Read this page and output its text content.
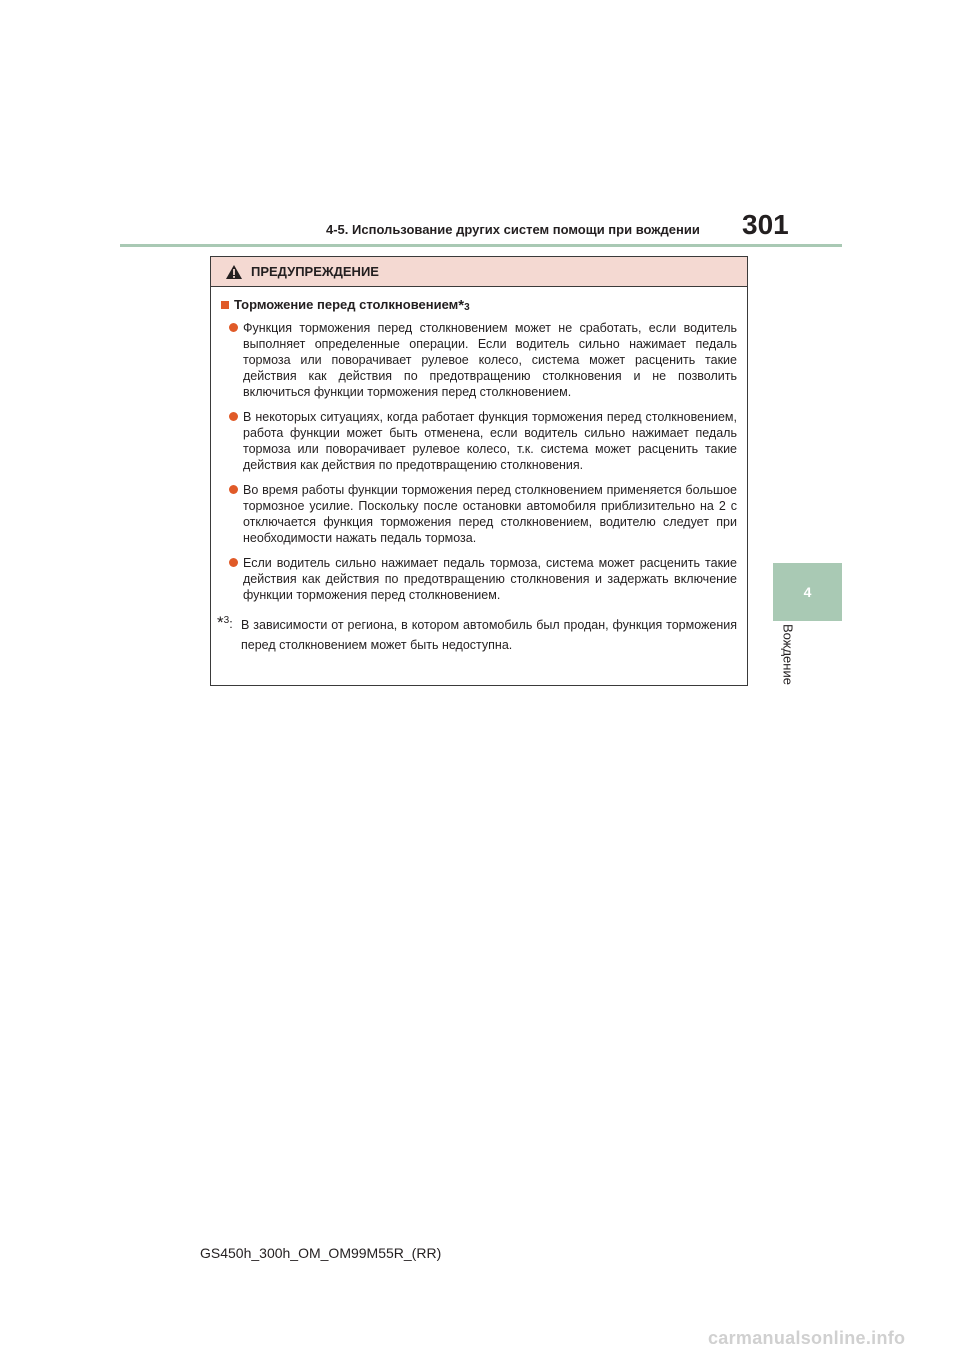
4-5. Использование других систем помощи при вождении 301
4
Вождение
ПРЕДУПРЕЖДЕНИЕ
Торможение перед столкновением *3
Функция торможения перед столкновением может не сработать, если водитель выполняет определенные операции. Если водитель сильно нажимает педаль тормоза или поворачивает рулевое колесо, система может расценить такие действия как действия по предотвращению столкновения и не позволить включиться функции торможения перед столкновением.
В некоторых ситуациях, когда работает функция торможения перед столкновением, работа функции может быть отменена, если водитель сильно нажимает педаль тормоза или поворачивает рулевое колесо, т.к. система может расценить такие действия как действия по предотвращению столкновения.
Во время работы функции торможения перед столкновением применяется большое тормозное усилие. Поскольку после остановки автомобиля приблизительно на 2 с отключается функция торможения перед столкновением, водителю следует при необходимости нажать педаль тормоза.
Если водитель сильно нажимает педаль тормоза, система может расценить такие действия как действия по предотвращению столкновения и задержать включение функции торможения перед столкновением.
*$^3$: В зависимости от региона, в котором автомобиль был продан, функция торможения перед столкновением может быть недоступна.
GS450h_300h_OM_OM99M55R_(RR)
carmanualsonline.info
